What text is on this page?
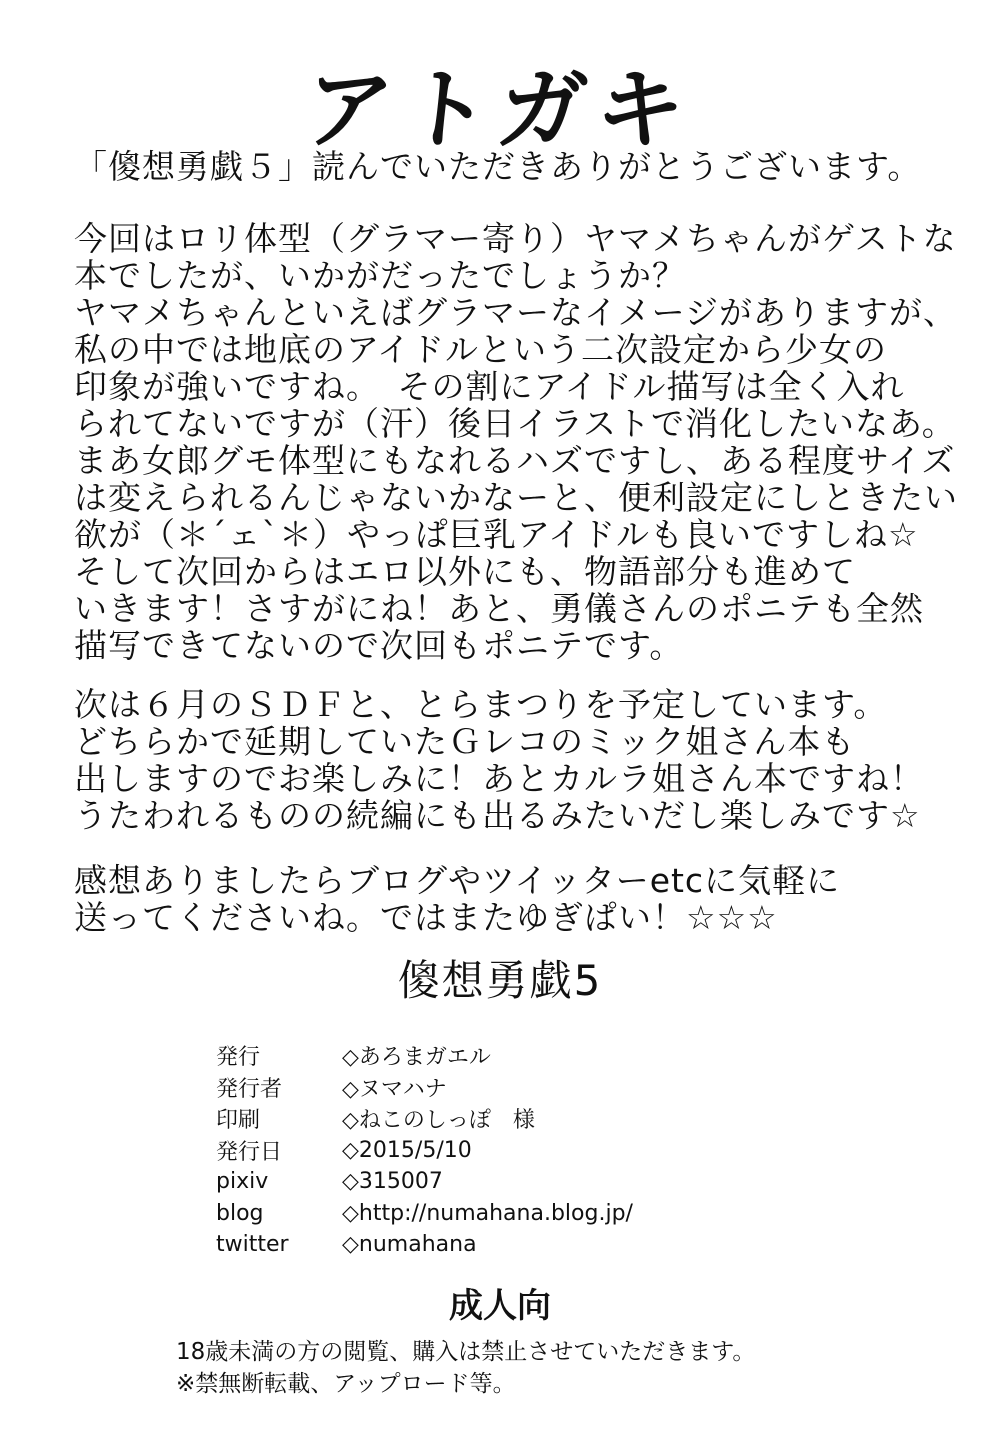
アトガキ
「傻想勇戯５」読んでいただきありがとうございます。
今回はロリ体型（グラマー寄り）ヤマメちゃんがゲストな
本でしたが、いかがだったでしょうか？
ヤマメちゃんといえばグラマーなイメージがありますが、
私の中では地底のアイドルという二次設定から少女の
印象が強いですね。　その割にアイドル描写は全く入れ
られてないですが（汗）後日イラストで消化したいなあ。
まあ女郎グモ体型にもなれるハズですし、ある程度サイズ
は変えられるんじゃないかなーと、便利設定にしときたい
欲が（＊´ェ`＊）やっぱ巨乳アイドルも良いですしね☆
そして次回からはエロ以外にも、物語部分も進めて
いきます！さすがにね！あと、勇儀さんのポニテも全然
描写できてないので次回もポニテです。
次は６月のＳＤＦと、とらまつりを予定しています。
どちらかで延期していたＧレコのミック姐さん本も
出しますのでお楽しみに！あとカルラ姐さん本ですね！
うたわれるものの続編にも出るみたいだし楽しみです☆
感想ありましたらブログやツイッターetcに気軽に
送ってくださいね。ではまたゆぎぱい！☆☆☆
傻想勇戯5
発行	◇あろまガエル
発行者	◇ヌマハナ
印刷	◇ねこのしっぽ　様
発行日	◇2015/5/10
pixiv	◇315007
blog	◇http://numahana.blog.jp/
twitter	◇numahana
成人向
18歳未満の方の閲覧、購入は禁止させていただきます。
※禁無断転載、アップロード等。
